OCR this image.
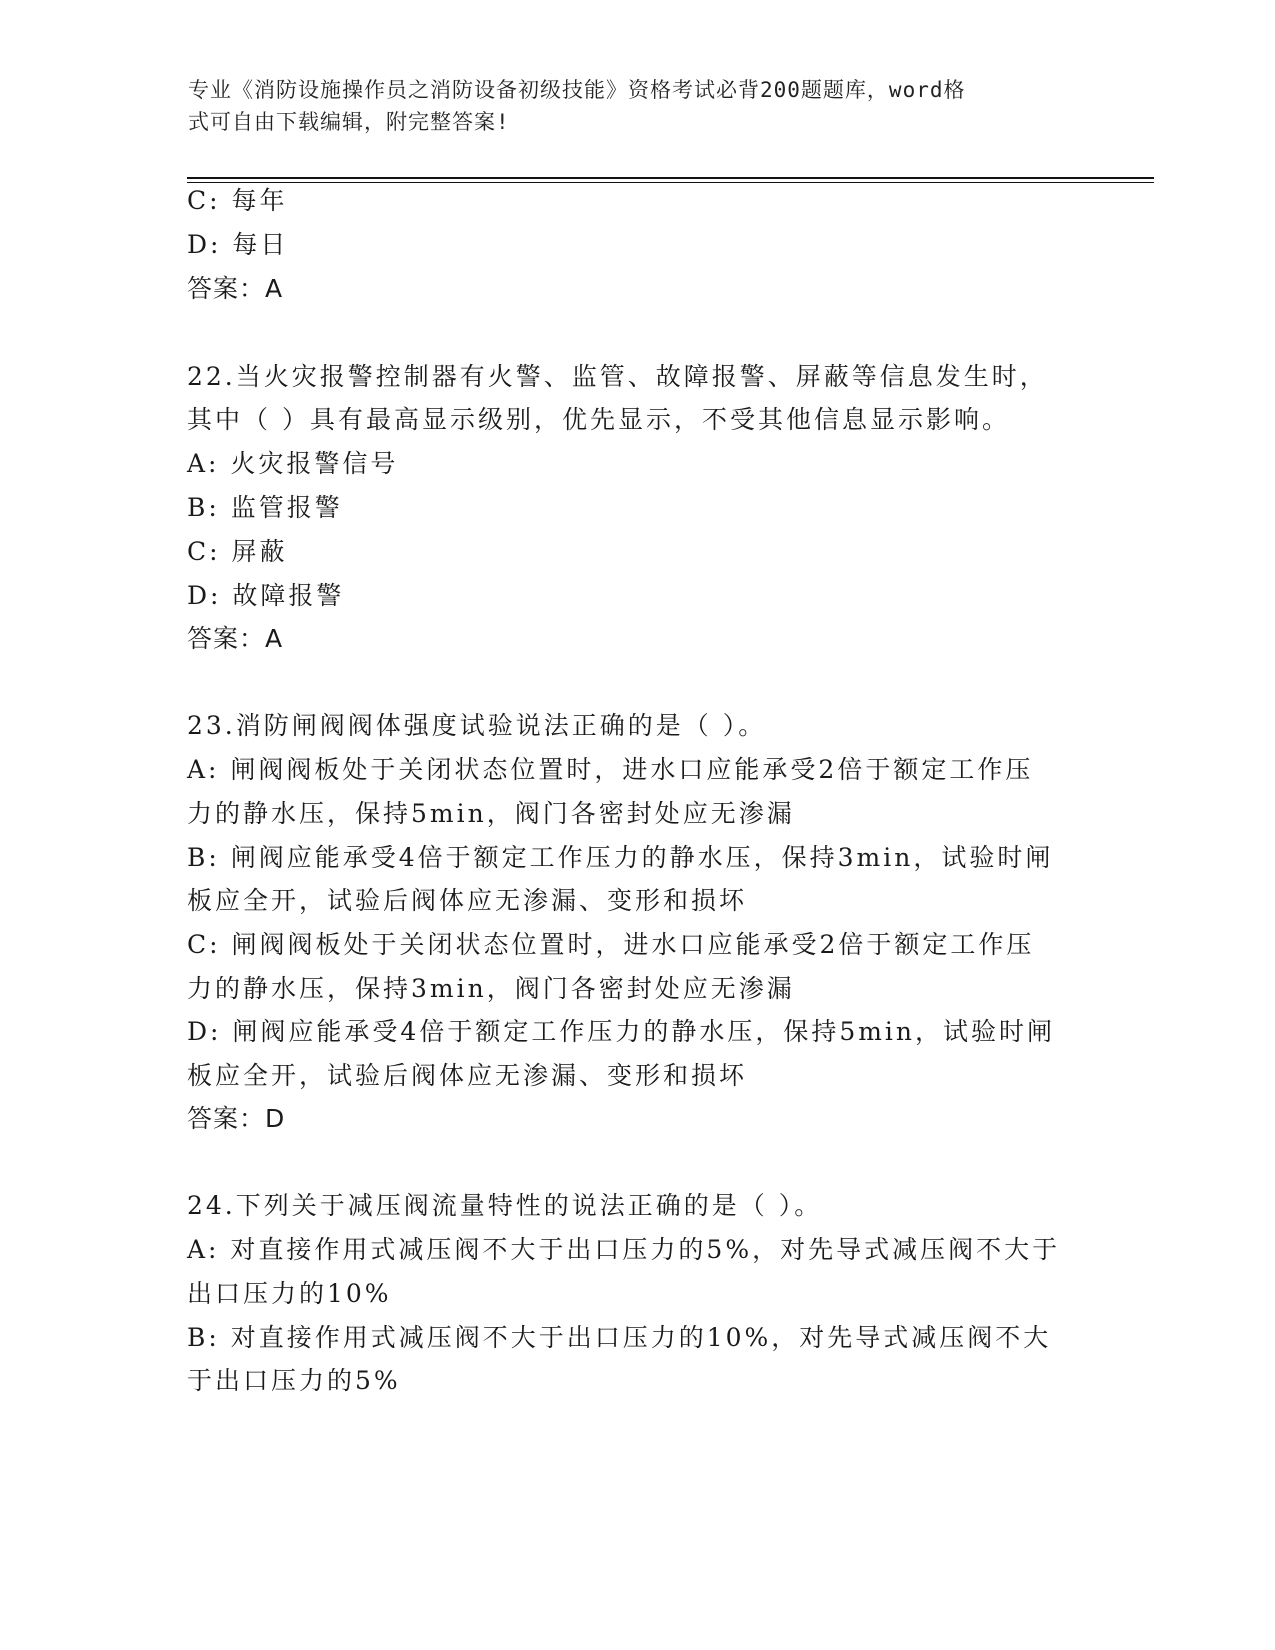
专业《消防设施操作员之消防设备初级技能》资格考试必背200题题库，word格
式可自由下载编辑，附完整答案!
C: 每年
D: 每日
答案：A
22.当火灾报警控制器有火警、监管、故障报警、屏蔽等信息发生时，
其中（ ）具有最高显示级别，优先显示，不受其他信息显示影响。
A: 火灾报警信号
B: 监管报警
C: 屏蔽
D: 故障报警
答案：A
23.消防闸阀阀体强度试验说法正确的是（ ）。
A: 闸阀阀板处于关闭状态位置时，进水口应能承受2倍于额定工作压
力的静水压，保持5min，阀门各密封处应无渗漏
B: 闸阀应能承受4倍于额定工作压力的静水压，保持3min，试验时闸
板应全开，试验后阀体应无渗漏、变形和损坏
C: 闸阀阀板处于关闭状态位置时，进水口应能承受2倍于额定工作压
力的静水压，保持3min，阀门各密封处应无渗漏
D: 闸阀应能承受4倍于额定工作压力的静水压，保持5min，试验时闸
板应全开，试验后阀体应无渗漏、变形和损坏
答案：D
24.下列关于减压阀流量特性的说法正确的是（ ）。
A: 对直接作用式减压阀不大于出口压力的5%，对先导式减压阀不大于
出口压力的10%
B: 对直接作用式减压阀不大于出口压力的10%，对先导式减压阀不大
于出口压力的5%
